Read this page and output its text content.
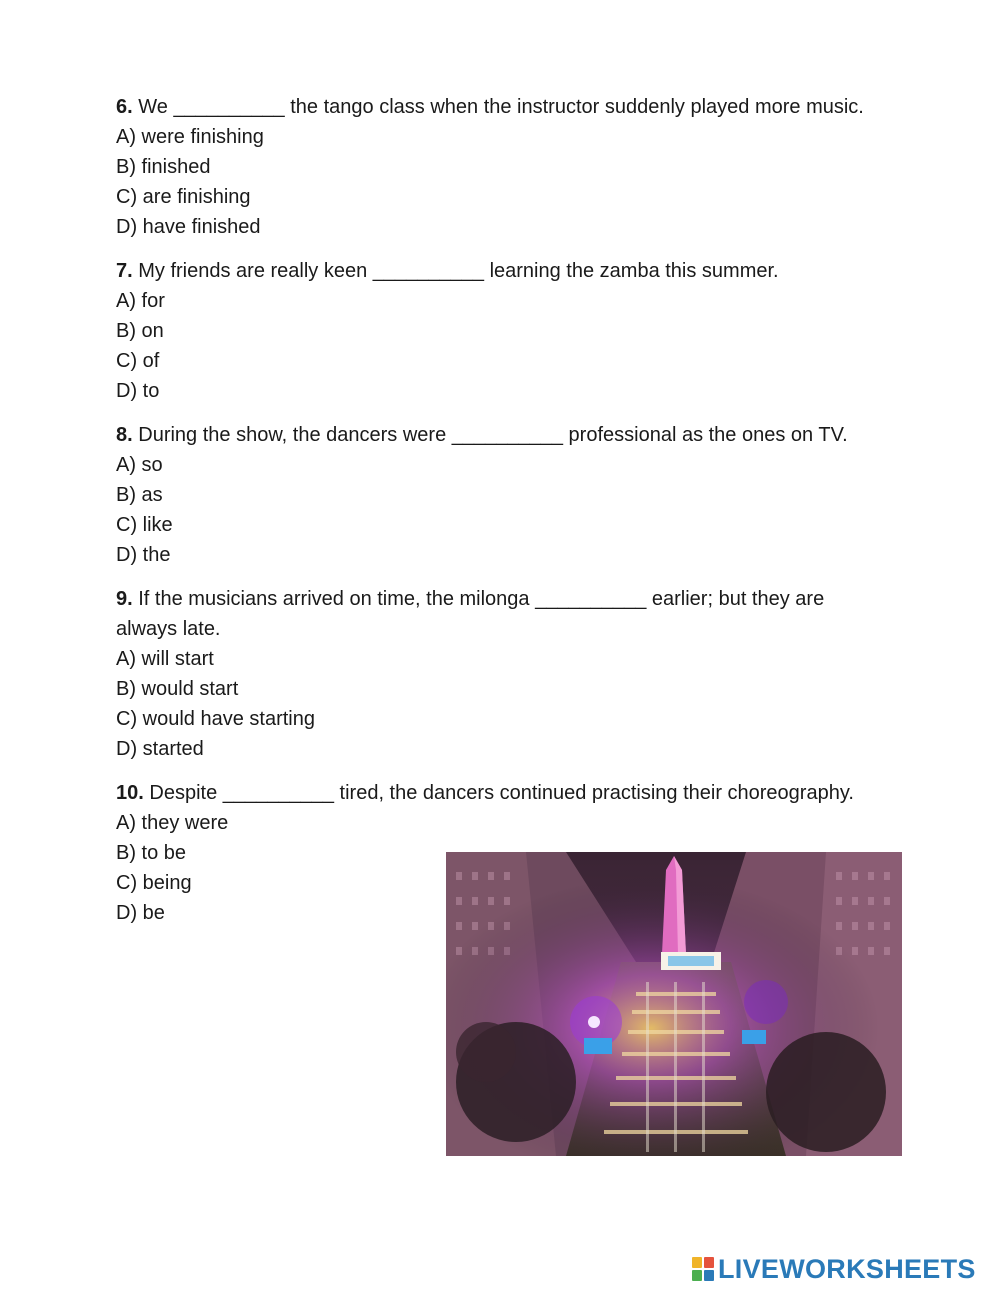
6. We __________ the tango class when the instructor suddenly played more music.
A) were finishing
B) finished
C) are finishing
D) have finished
7. My friends are really keen __________ learning the zamba this summer.
A) for
B) on
C) of
D) to
8. During the show, the dancers were __________ professional as the ones on TV.
A) so
B) as
C) like
D) the
9. If the musicians arrived on time, the milonga __________ earlier; but they are always late.
A) will start
B) would start
C) would have starting
D) started
10. Despite __________ tired, the dancers continued practising their choreography.
A) they were
B) to be
C) being
D) be
LIVEWORKSHEETS
